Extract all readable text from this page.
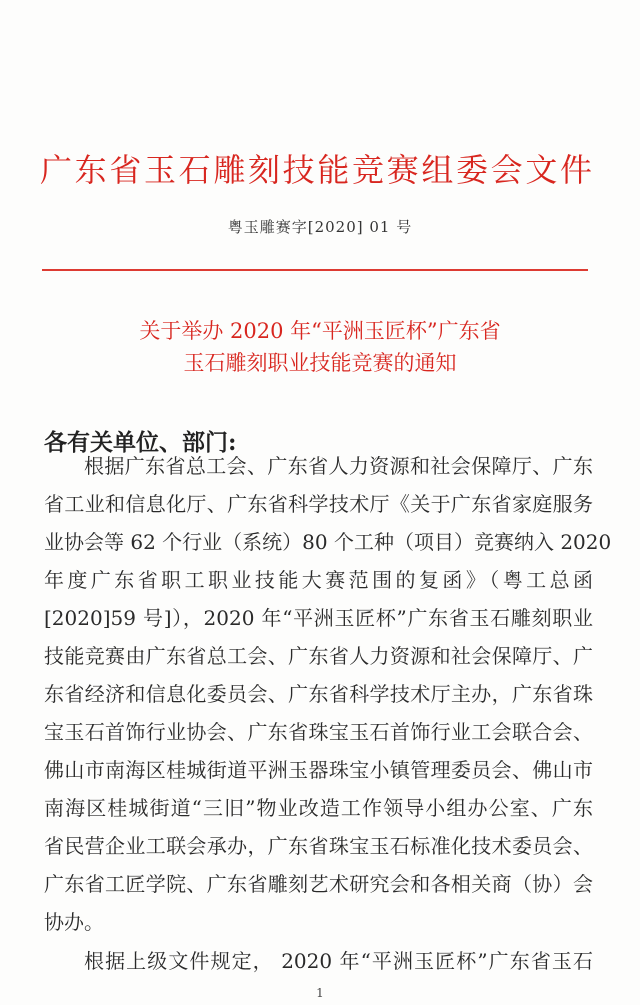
广东省玉石雕刻技能竞赛组委会文件
粤玉雕赛字[2020] 01 号
关于举办 2020 年“平洲玉匠杯”广东省
玉石雕刻职业技能竞赛的通知
各有关单位、部门:
根据广东省总工会、广东省人力资源和社会保障厅、广东
省工业和信息化厅、广东省科学技术厅《关于广东省家庭服务
业协会等 62 个行业（系统）80 个工种（项目）竞赛纳入 2020
年度广东省职工职业技能大赛范围的复函》（粤工总函
[2020]59 号]），2020 年“平洲玉匠杯”广东省玉石雕刻职业
技能竞赛由广东省总工会、广东省人力资源和社会保障厅、广
东省经济和信息化委员会、广东省科学技术厅主办，广东省珠
宝玉石首饰行业协会、广东省珠宝玉石首饰行业工会联合会、
佛山市南海区桂城街道平洲玉器珠宝小镇管理委员会、佛山市
南海区桂城街道“三旧”物业改造工作领导小组办公室、广东
省民营企业工联会承办，广东省珠宝玉石标准化技术委员会、
广东省工匠学院、广东省雕刻艺术研究会和各相关商（协）会
协办。
根据上级文件规定， 2020 年“平洲玉匠杯”广东省玉石
1
